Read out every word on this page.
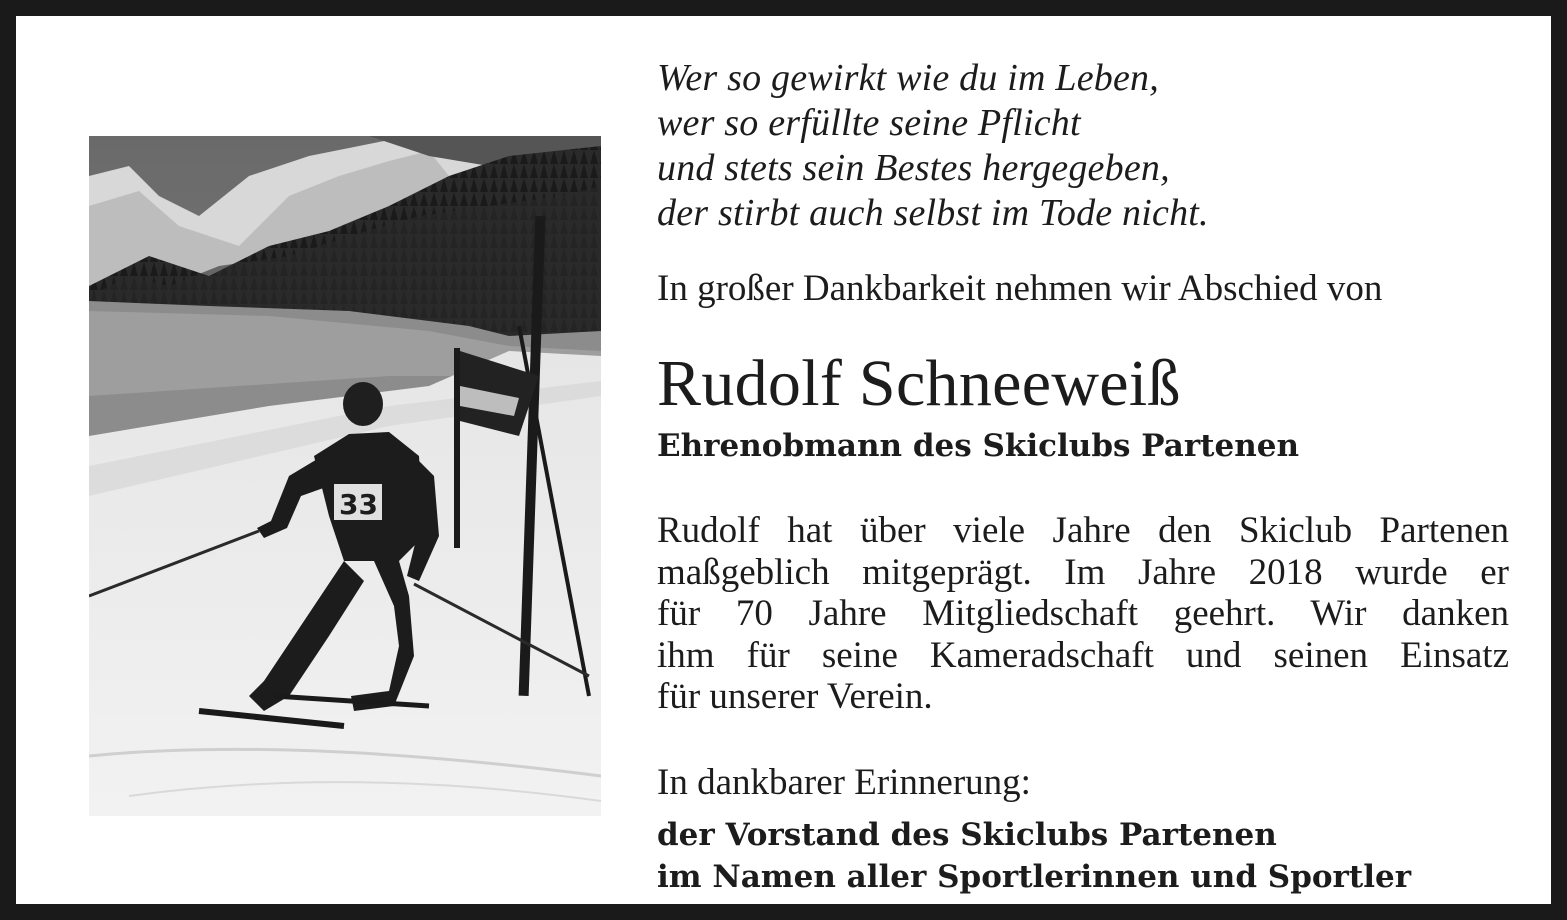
33
Wer so gewirkt wie du im Leben,
wer so erfüllte seine Pflicht
und stets sein Bestes hergegeben,
der stirbt auch selbst im Tode nicht.
In großer Dankbarkeit nehmen wir Abschied von
Rudolf Schneeweiß
Ehrenobmann des Skiclubs Partenen
Rudolf hat über viele Jahre den Skiclub Partenen
maßgeblich mitgeprägt. Im Jahre 2018 wurde er
für 70 Jahre Mitgliedschaft geehrt. Wir danken
ihm für seine Kameradschaft und seinen Einsatz
für unserer Verein.
In dankbarer Erinnerung:
der Vorstand des Skiclubs Partenen
im Namen aller Sportlerinnen und Sportler
